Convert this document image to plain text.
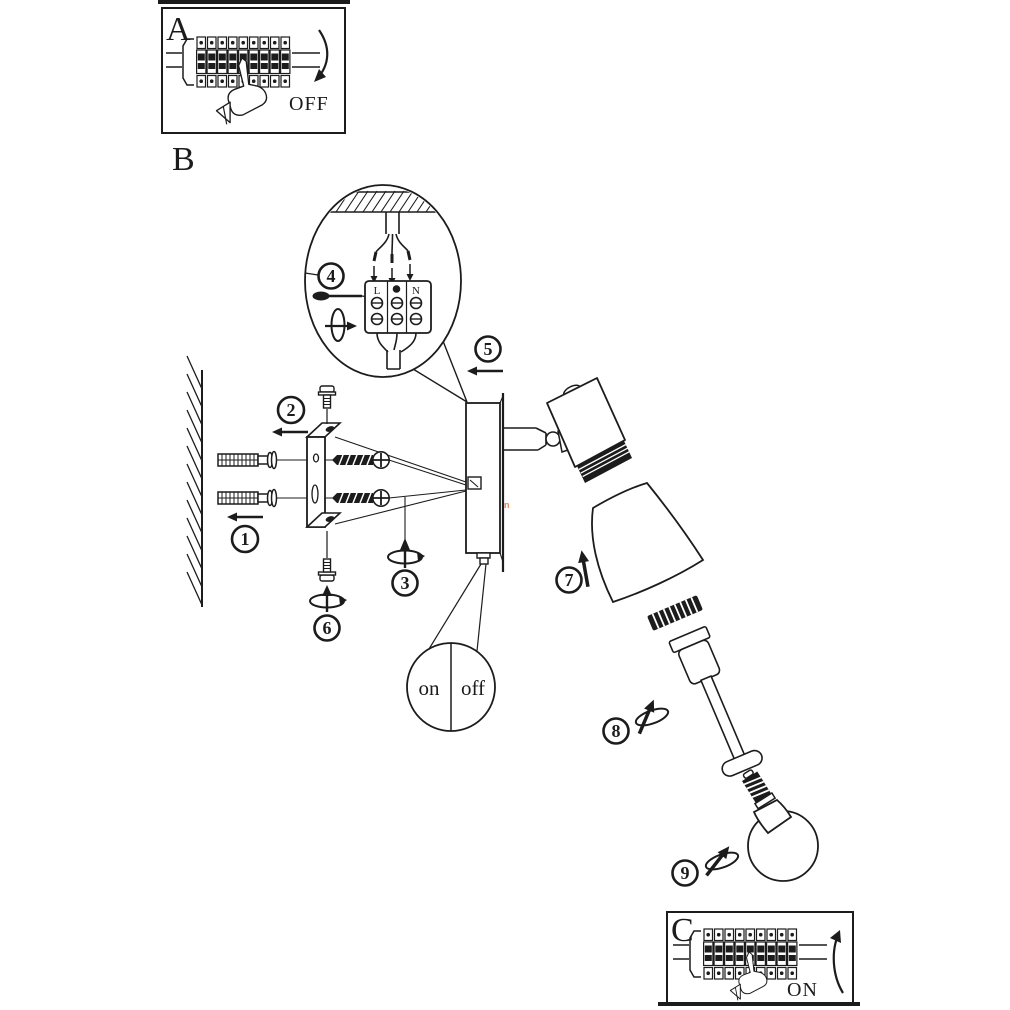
A
OFF
B
L	N
4
5
1
2
3
6
n
on off
7
8
9
C
ON
